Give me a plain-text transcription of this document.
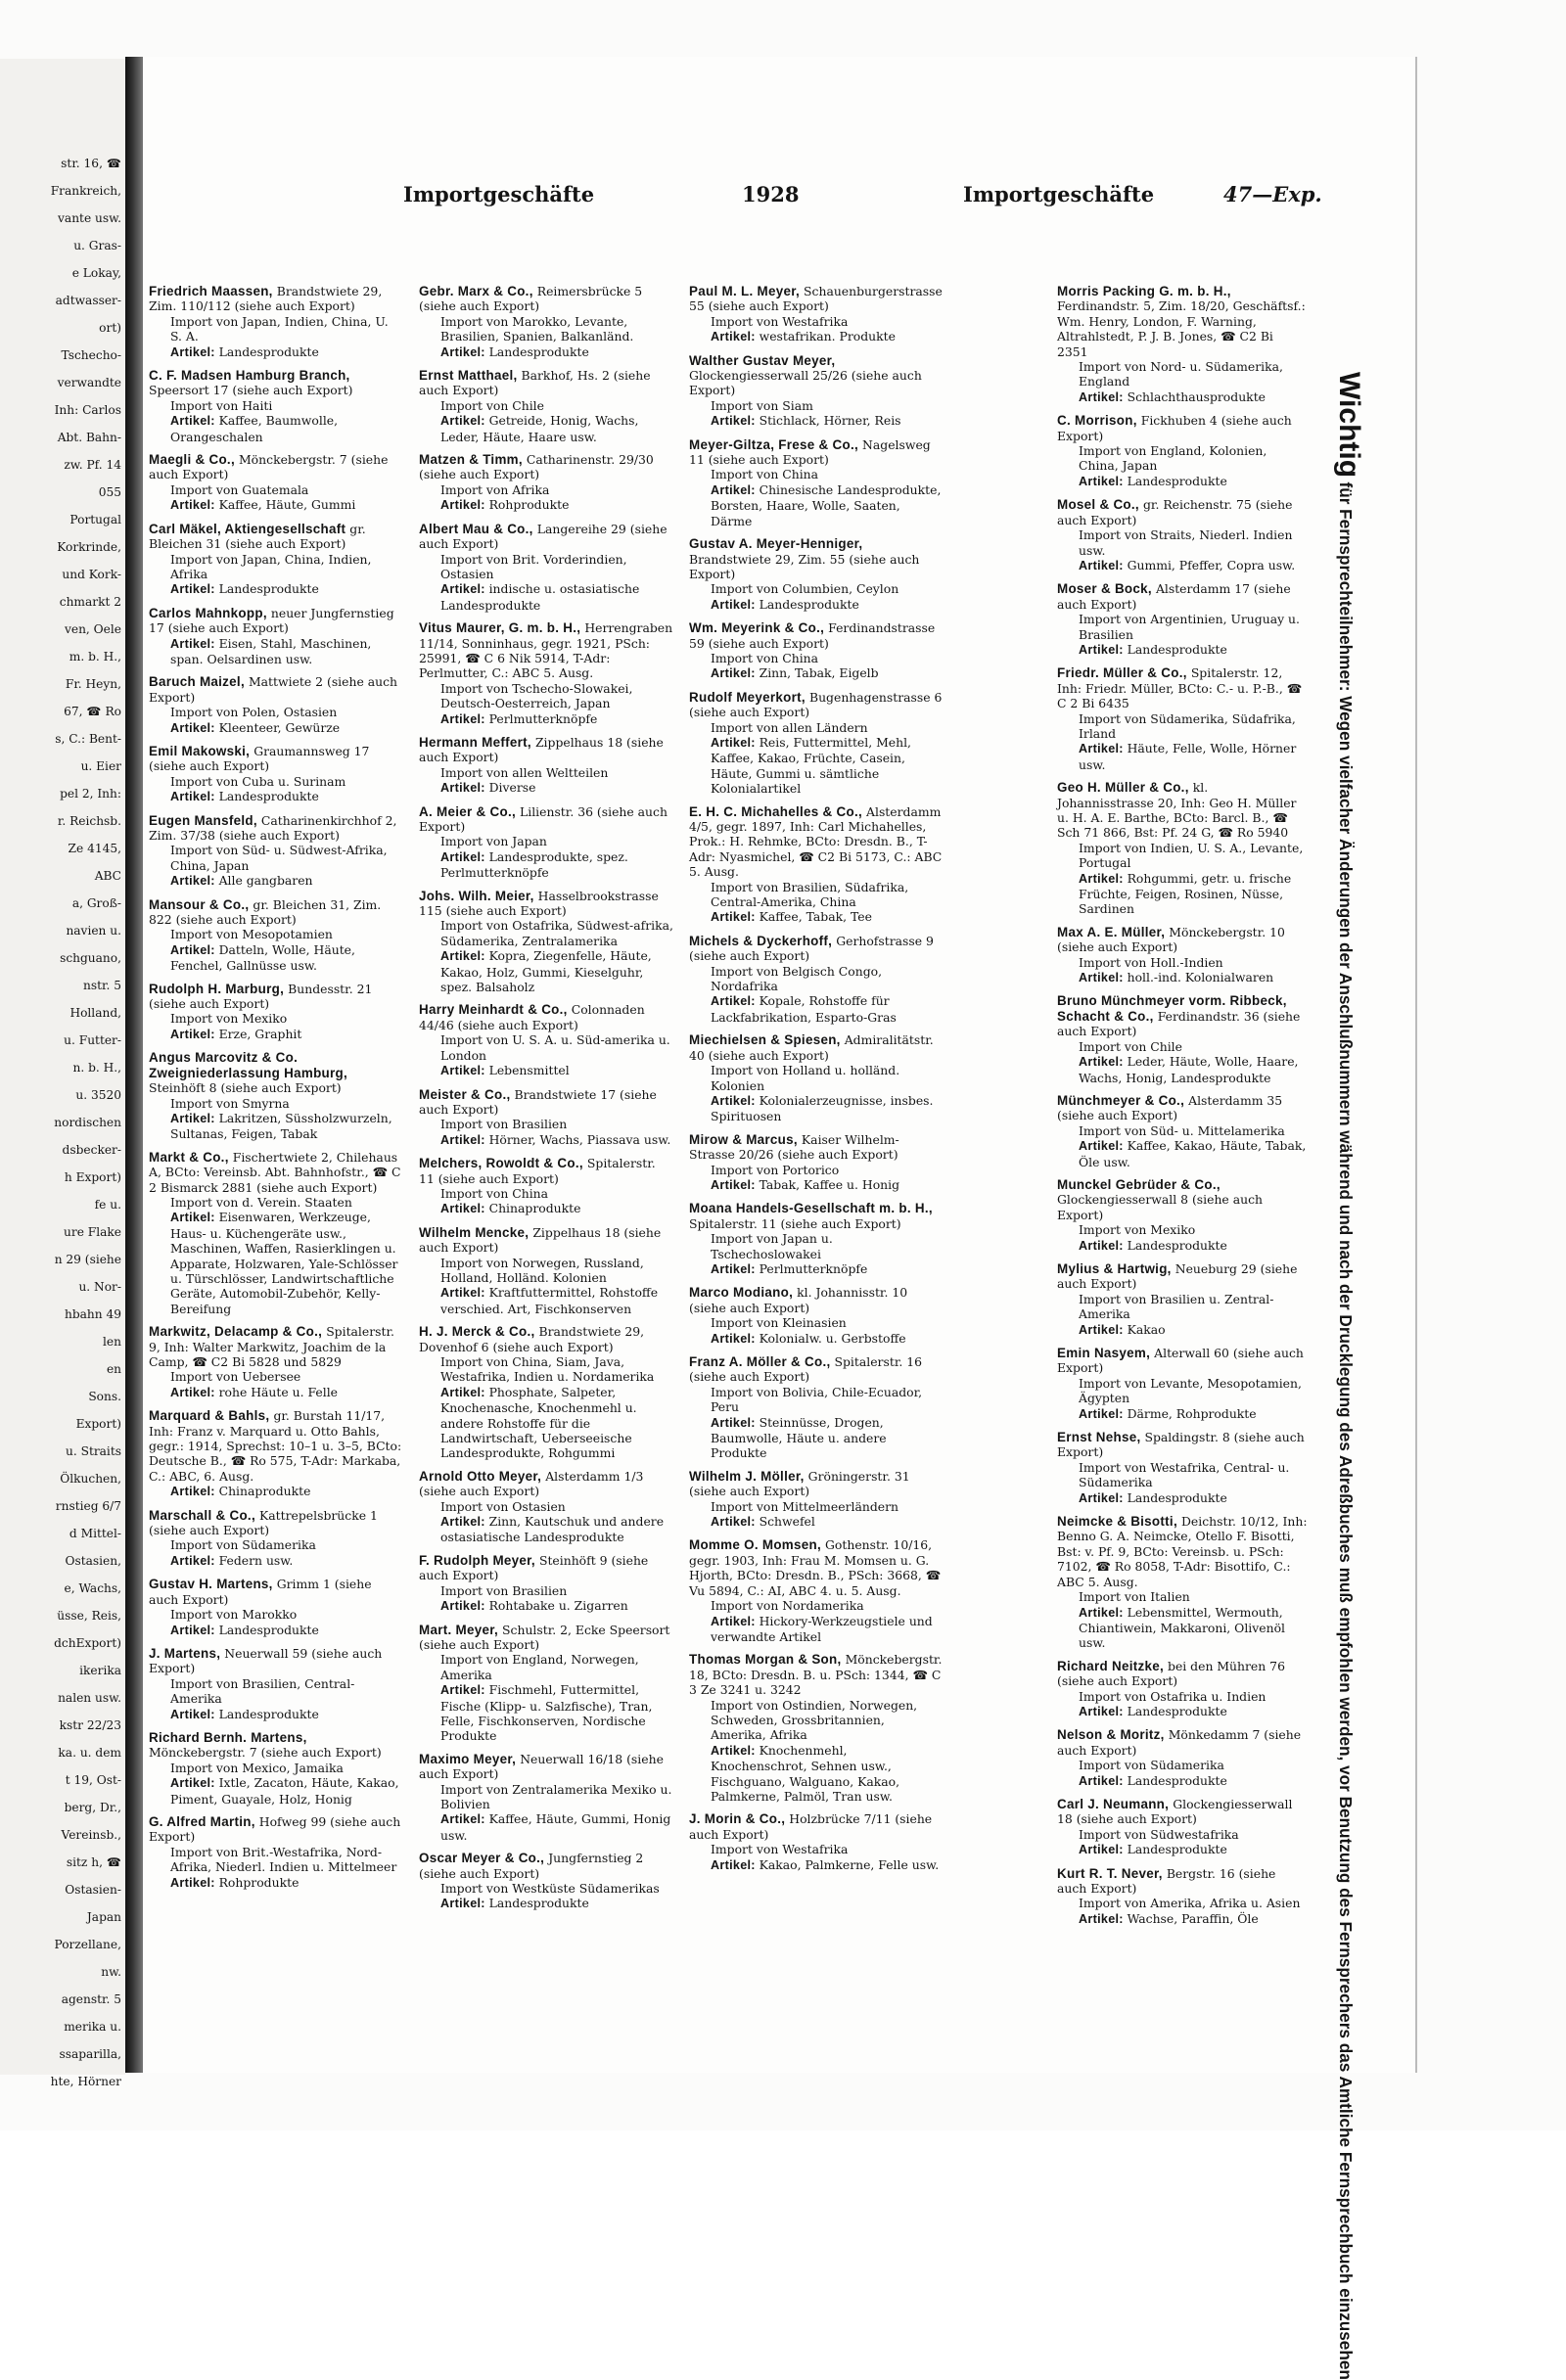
str. 16, ☎
Frankreich,
vante usw.
u. Gras-
e Lokay,
adtwasser-
ort)
Tschecho-
verwandte
Inh: Carlos
Abt. Bahn-
zw. Pf. 14
055
Portugal
Korkrinde,
und Kork-
chmarkt 2
ven, Oele
m. b. H.,
Fr. Heyn,
67, ☎ Ro
s, C.: Bent-
u. Eier
pel 2, Inh:
r. Reichsb.
Ze 4145,
ABC
a, Groß-
navien u.
schguano,
nstr. 5
Holland,
u. Futter-
n. b. H.,
u. 3520
nordischen
dsbecker-
h Export)
fe u.
ure Flake
n 29 (siehe
u. Nor-
hbahn 49
len
en
Sons.
Export)
u. Straits
Ölkuchen,
rnstieg 6/7
d Mittel-
Ostasien,
e, Wachs,
üsse, Reis,
dchExport)
ikerika
nalen usw.
kstr 22/23
ka. u. dem
t 19, Ost-
berg, Dr.,
Vereinsb.,
sitz h, ☎
Ostasien-
Japan
Porzellane,
nw.
agenstr. 5
merika u.
ssaparilla,
hte, Hörner
Importgeschäfte	1928	Importgeschäfte	47—Exp.
Friedrich Maassen, Brandstwiete 29, Zim. 110/112 (siehe auch Export)
Import von Japan, Indien, China, U. S. A.
Artikel: Landesprodukte
C. F. Madsen Hamburg Branch, Speersort 17 (siehe auch Export)
Import von Haiti
Artikel: Kaffee, Baumwolle, Orangeschalen
Maegli & Co., Mönckebergstr. 7 (siehe auch Export)
Import von Guatemala
Artikel: Kaffee, Häute, Gummi
Carl Mäkel, Aktiengesellschaft gr. Bleichen 31 (siehe auch Export)
Import von Japan, China, Indien, Afrika
Artikel: Landesprodukte
Carlos Mahnkopp, neuer Jungfernstieg 17 (siehe auch Export)
Artikel: Eisen, Stahl, Maschinen, span. Oelsardinen usw.
Baruch Maizel, Mattwiete 2 (siehe auch Export)
Import von Polen, Ostasien
Artikel: Kleenteer, Gewürze
Emil Makowski, Graumannsweg 17 (siehe auch Export)
Import von Cuba u. Surinam
Artikel: Landesprodukte
Eugen Mansfeld, Catharinenkirchhof 2, Zim. 37/38 (siehe auch Export)
Import von Süd- u. Südwest-Afrika, China, Japan
Artikel: Alle gangbaren
Mansour & Co., gr. Bleichen 31, Zim. 822 (siehe auch Export)
Import von Mesopotamien
Artikel: Datteln, Wolle, Häute, Fenchel, Gallnüsse usw.
Rudolph H. Marburg, Bundesstr. 21 (siehe auch Export)
Import von Mexiko
Artikel: Erze, Graphit
Angus Marcovitz & Co. Zweigniederlassung Hamburg, Steinhöft 8 (siehe auch Export)
Import von Smyrna
Artikel: Lakritzen, Süssholzwurzeln, Sultanas, Feigen, Tabak
Markt & Co., Fischertwiete 2, Chilehaus A, BCto: Vereinsb. Abt. Bahnhofstr., ☎ C 2 Bismarck 2881 (siehe auch Export)
Import von d. Verein. Staaten
Artikel: Eisenwaren, Werkzeuge, Haus- u. Küchengeräte usw., Maschinen, Waffen, Rasierklingen u. Apparate, Holzwaren, Yale-Schlösser u. Türschlösser, Landwirtschaftliche Geräte, Automobil-Zubehör, Kelly-Bereifung
Markwitz, Delacamp & Co., Spitalerstr. 9, Inh: Walter Markwitz, Joachim de la Camp, ☎ C2 Bi 5828 und 5829
Import von Uebersee
Artikel: rohe Häute u. Felle
Marquard & Bahls, gr. Burstah 11/17, Inh: Franz v. Marquard u. Otto Bahls, gegr.: 1914, Sprechst: 10–1 u. 3–5, BCto: Deutsche B., ☎ Ro 575, T-Adr: Markaba, C.: ABC, 6. Ausg.
Artikel: Chinaprodukte
Marschall & Co., Kattrepelsbrücke 1 (siehe auch Export)
Import von Südamerika
Artikel: Federn usw.
Gustav H. Martens, Grimm 1 (siehe auch Export)
Import von Marokko
Artikel: Landesprodukte
J. Martens, Neuerwall 59 (siehe auch Export)
Import von Brasilien, Central-Amerika
Artikel: Landesprodukte
Richard Bernh. Martens, Mönckebergstr. 7 (siehe auch Export)
Import von Mexico, Jamaika
Artikel: Ixtle, Zacaton, Häute, Kakao, Piment, Guayale, Holz, Honig
G. Alfred Martin, Hofweg 99 (siehe auch Export)
Import von Brit.-Westafrika, Nord-Afrika, Niederl. Indien u. Mittelmeer
Artikel: Rohprodukte
Gebr. Marx & Co., Reimersbrücke 5 (siehe auch Export)
Import von Marokko, Levante, Brasilien, Spanien, Balkanländ.
Artikel: Landesprodukte
Ernst Matthael, Barkhof, Hs. 2 (siehe auch Export)
Import von Chile
Artikel: Getreide, Honig, Wachs, Leder, Häute, Haare usw.
Matzen & Timm, Catharinenstr. 29/30 (siehe auch Export)
Import von Afrika
Artikel: Rohprodukte
Albert Mau & Co., Langereihe 29 (siehe auch Export)
Import von Brit. Vorderindien, Ostasien
Artikel: indische u. ostasiatische Landesprodukte
Vitus Maurer, G. m. b. H., Herrengraben 11/14, Sonninhaus, gegr. 1921, PSch: 25991, ☎ C 6 Nik 5914, T-Adr: Perlmutter, C.: ABC 5. Ausg.
Import von Tschecho-Slowakei, Deutsch-Oesterreich, Japan
Artikel: Perlmutterknöpfe
Hermann Meffert, Zippelhaus 18 (siehe auch Export)
Import von allen Weltteilen
Artikel: Diverse
A. Meier & Co., Lilienstr. 36 (siehe auch Export)
Import von Japan
Artikel: Landesprodukte, spez. Perlmutterknöpfe
Johs. Wilh. Meier, Hasselbrookstrasse 115 (siehe auch Export)
Import von Ostafrika, Südwest-afrika, Südamerika, Zentralamerika
Artikel: Kopra, Ziegenfelle, Häute, Kakao, Holz, Gummi, Kieselguhr, spez. Balsaholz
Harry Meinhardt & Co., Colonnaden 44/46 (siehe auch Export)
Import von U. S. A. u. Süd-amerika u. London
Artikel: Lebensmittel
Meister & Co., Brandstwiete 17 (siehe auch Export)
Import von Brasilien
Artikel: Hörner, Wachs, Piassava usw.
Melchers, Rowoldt & Co., Spitalerstr. 11 (siehe auch Export)
Import von China
Artikel: Chinaprodukte
Wilhelm Mencke, Zippelhaus 18 (siehe auch Export)
Import von Norwegen, Russland, Holland, Holländ. Kolonien
Artikel: Kraftfuttermittel, Rohstoffe verschied. Art, Fischkonserven
H. J. Merck & Co., Brandstwiete 29, Dovenhof 6 (siehe auch Export)
Import von China, Siam, Java, Westafrika, Indien u. Nordamerika
Artikel: Phosphate, Salpeter, Knochenasche, Knochenmehl u. andere Rohstoffe für die Landwirtschaft, Ueberseeische Landesprodukte, Rohgummi
Arnold Otto Meyer, Alsterdamm 1/3 (siehe auch Export)
Import von Ostasien
Artikel: Zinn, Kautschuk und andere ostasiatische Landesprodukte
F. Rudolph Meyer, Steinhöft 9 (siehe auch Export)
Import von Brasilien
Artikel: Rohtabake u. Zigarren
Mart. Meyer, Schulstr. 2, Ecke Speersort (siehe auch Export)
Import von England, Norwegen, Amerika
Artikel: Fischmehl, Futtermittel, Fische (Klipp- u. Salzfische), Tran, Felle, Fischkonserven, Nordische Produkte
Maximo Meyer, Neuerwall 16/18 (siehe auch Export)
Import von Zentralamerika Mexiko u. Bolivien
Artikel: Kaffee, Häute, Gummi, Honig usw.
Oscar Meyer & Co., Jungfernstieg 2 (siehe auch Export)
Import von Westküste Südamerikas
Artikel: Landesprodukte
Paul M. L. Meyer, Schauenburgerstrasse 55 (siehe auch Export)
Import von Westafrika
Artikel: westafrikan. Produkte
Walther Gustav Meyer, Glockengiesserwall 25/26 (siehe auch Export)
Import von Siam
Artikel: Stichlack, Hörner, Reis
Meyer-Giltza, Frese & Co., Nagelsweg 11 (siehe auch Export)
Import von China
Artikel: Chinesische Landesprodukte, Borsten, Haare, Wolle, Saaten, Därme
Gustav A. Meyer-Henniger, Brandstwiete 29, Zim. 55 (siehe auch Export)
Import von Columbien, Ceylon
Artikel: Landesprodukte
Wm. Meyerink & Co., Ferdinandstrasse 59 (siehe auch Export)
Import von China
Artikel: Zinn, Tabak, Eigelb
Rudolf Meyerkort, Bugenhagenstrasse 6 (siehe auch Export)
Import von allen Ländern
Artikel: Reis, Futtermittel, Mehl, Kaffee, Kakao, Früchte, Casein, Häute, Gummi u. sämtliche Kolonialartikel
E. H. C. Michahelles & Co., Alsterdamm 4/5, gegr. 1897, Inh: Carl Michahelles, Prok.: H. Rehmke, BCto: Dresdn. B., T-Adr: Nyasmichel, ☎ C2 Bi 5173, C.: ABC 5. Ausg.
Import von Brasilien, Südafrika, Central-Amerika, China
Artikel: Kaffee, Tabak, Tee
Michels & Dyckerhoff, Gerhofstrasse 9 (siehe auch Export)
Import von Belgisch Congo, Nordafrika
Artikel: Kopale, Rohstoffe für Lackfabrikation, Esparto-Gras
Miechielsen & Spiesen, Admiralitätstr. 40 (siehe auch Export)
Import von Holland u. holländ. Kolonien
Artikel: Kolonialerzeugnisse, insbes. Spirituosen
Mirow & Marcus, Kaiser Wilhelm-Strasse 20/26 (siehe auch Export)
Import von Portorico
Artikel: Tabak, Kaffee u. Honig
Moana Handels-Gesellschaft m. b. H., Spitalerstr. 11 (siehe auch Export)
Import von Japan u. Tschechoslowakei
Artikel: Perlmutterknöpfe
Marco Modiano, kl. Johannisstr. 10 (siehe auch Export)
Import von Kleinasien
Artikel: Kolonialw. u. Gerbstoffe
Franz A. Möller & Co., Spitalerstr. 16 (siehe auch Export)
Import von Bolivia, Chile-Ecuador, Peru
Artikel: Steinnüsse, Drogen, Baumwolle, Häute u. andere Produkte
Wilhelm J. Möller, Gröningerstr. 31 (siehe auch Export)
Import von Mittelmeerländern
Artikel: Schwefel
Momme O. Momsen, Gothenstr. 10/16, gegr. 1903, Inh: Frau M. Momsen u. G. Hjorth, BCto: Dresdn. B., PSch: 3668, ☎ Vu 5894, C.: AI, ABC 4. u. 5. Ausg.
Import von Nordamerika
Artikel: Hickory-Werkzeugstiele und verwandte Artikel
Thomas Morgan & Son, Mönckebergstr. 18, BCto: Dresdn. B. u. PSch: 1344, ☎ C 3 Ze 3241 u. 3242
Import von Ostindien, Norwegen, Schweden, Grossbritannien, Amerika, Afrika
Artikel: Knochenmehl, Knochenschrot, Sehnen usw., Fischguano, Walguano, Kakao, Palmkerne, Palmöl, Tran usw.
J. Morin & Co., Holzbrücke 7/11 (siehe auch Export)
Import von Westafrika
Artikel: Kakao, Palmkerne, Felle usw.
Morris Packing G. m. b. H., Ferdinandstr. 5, Zim. 18/20, Geschäftsf.: Wm. Henry, London, F. Warning, Altrahlstedt, P. J. B. Jones, ☎ C2 Bi 2351
Import von Nord- u. Südamerika, England
Artikel: Schlachthausprodukte
C. Morrison, Fickhuben 4 (siehe auch Export)
Import von England, Kolonien, China, Japan
Artikel: Landesprodukte
Mosel & Co., gr. Reichenstr. 75 (siehe auch Export)
Import von Straits, Niederl. Indien usw.
Artikel: Gummi, Pfeffer, Copra usw.
Moser & Bock, Alsterdamm 17 (siehe auch Export)
Import von Argentinien, Uruguay u. Brasilien
Artikel: Landesprodukte
Friedr. Müller & Co., Spitalerstr. 12, Inh: Friedr. Müller, BCto: C.- u. P.-B., ☎ C 2 Bi 6435
Import von Südamerika, Südafrika, Irland
Artikel: Häute, Felle, Wolle, Hörner usw.
Geo H. Müller & Co., kl. Johannisstrasse 20, Inh: Geo H. Müller u. H. A. E. Barthe, BCto: Barcl. B., ☎ Sch 71 866, Bst: Pf. 24 G, ☎ Ro 5940
Import von Indien, U. S. A., Levante, Portugal
Artikel: Rohgummi, getr. u. frische Früchte, Feigen, Rosinen, Nüsse, Sardinen
Max A. E. Müller, Mönckebergstr. 10 (siehe auch Export)
Import von Holl.-Indien
Artikel: holl.-ind. Kolonialwaren
Bruno Münchmeyer vorm. Ribbeck, Schacht & Co., Ferdinandstr. 36 (siehe auch Export)
Import von Chile
Artikel: Leder, Häute, Wolle, Haare, Wachs, Honig, Landesprodukte
Münchmeyer & Co., Alsterdamm 35 (siehe auch Export)
Import von Süd- u. Mittelamerika
Artikel: Kaffee, Kakao, Häute, Tabak, Öle usw.
Munckel Gebrüder & Co., Glockengiesserwall 8 (siehe auch Export)
Import von Mexiko
Artikel: Landesprodukte
Mylius & Hartwig, Neueburg 29 (siehe auch Export)
Import von Brasilien u. Zentral-Amerika
Artikel: Kakao
Emin Nasyem, Alterwall 60 (siehe auch Export)
Import von Levante, Mesopotamien, Ägypten
Artikel: Därme, Rohprodukte
Ernst Nehse, Spaldingstr. 8 (siehe auch Export)
Import von Westafrika, Central- u. Südamerika
Artikel: Landesprodukte
Neimcke & Bisotti, Deichstr. 10/12, Inh: Benno G. A. Neimcke, Otello F. Bisotti, Bst: v. Pf. 9, BCto: Vereinsb. u. PSch: 7102, ☎ Ro 8058, T-Adr: Bisottifo, C.: ABC 5. Ausg.
Import von Italien
Artikel: Lebensmittel, Wermouth, Chiantiwein, Makkaroni, Olivenöl usw.
Richard Neitzke, bei den Mühren 76 (siehe auch Export)
Import von Ostafrika u. Indien
Artikel: Landesprodukte
Nelson & Moritz, Mönkedamm 7 (siehe auch Export)
Import von Südamerika
Artikel: Landesprodukte
Carl J. Neumann, Glockengiesserwall 18 (siehe auch Export)
Import von Südwestafrika
Artikel: Landesprodukte
Kurt R. T. Never, Bergstr. 16 (siehe auch Export)
Import von Amerika, Afrika u. Asien
Artikel: Wachse, Paraffin, Öle
Wichtig für Fernsprechteilnehmer: Wegen vielfacher Änderungen der Anschlußnummern während und nach der Drucklegung des Adreßbuches muß empfohlen werden, vor Benutzung des Fernsprechers das Amtliche Fernsprechbuch einzusehen
